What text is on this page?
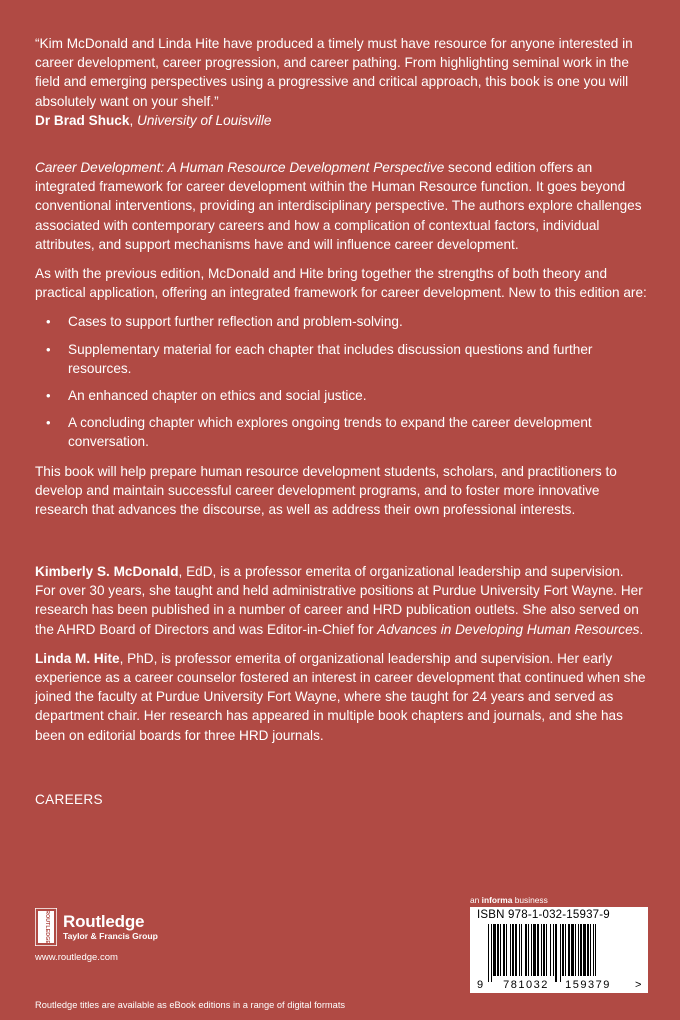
“Kim McDonald and Linda Hite have produced a timely must have resource for anyone interested in career development, career progression, and career pathing. From highlighting seminal work in the field and emerging perspectives using a progressive and critical approach, this book is one you will absolutely want on your shelf.”

Dr Brad Shuck, University of Louisville

Career Development: A Human Resource Development Perspective second edition offers an integrated framework for career development within the Human Resource function. It goes beyond conventional interventions, providing an interdisciplinary perspective. The authors explore challenges associated with contemporary careers and how a complication of contextual factors, individual attributes, and support mechanisms have and will influence career development.

As with the previous edition, McDonald and Hite bring together the strengths of both theory and practical application, offering an integrated framework for career development. New to this edition are:

• Cases to support further reflection and problem-solving.
• Supplementary material for each chapter that includes discussion questions and further resources.
• An enhanced chapter on ethics and social justice.
• A concluding chapter which explores ongoing trends to expand the career development conversation.

This book will help prepare human resource development students, scholars, and practitioners to develop and maintain successful career development programs, and to foster more innovative research that advances the discourse, as well as address their own professional interests.

Kimberly S. McDonald, EdD, is a professor emerita of organizational leadership and supervision. For over 30 years, she taught and held administrative positions at Purdue University Fort Wayne. Her research has been published in a number of career and HRD publication outlets. She also served on the AHRD Board of Directors and was Editor-in-Chief for Advances in Developing Human Resources.

Linda M. Hite, PhD, is professor emerita of organizational leadership and supervision. Her early experience as a career counselor fostered an interest in career development that continued when she joined the faculty at Purdue University Fort Wayne, where she taught for 24 years and served as department chair. Her research has appeared in multiple book chapters and journals, and she has been on editorial boards for three HRD journals.

CAREERS
ROUTLEDGE Routledge
Taylor & Francis Group
www.routledge.com
Routledge titles are available as eBook editions in a range of digital formats
an informa business
ISBN 978-1-032-15937-9
9 781032 159379 >
